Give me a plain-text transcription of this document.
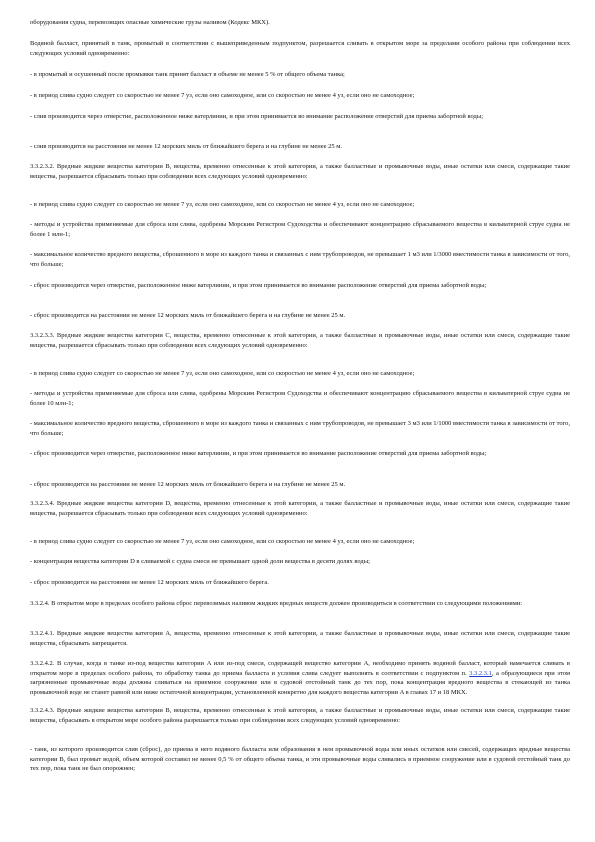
оборудования судна, перевозящих опасные химические грузы наливом (Кодекс МКХ).

Водяной балласт, принятый в танк, промытый в соответствии с вышеприведенным подпунктом, разрешается сливать в открытом море за пределами особого района при соблюдении всех следующих условий одновременно:

- в промытый и осушенный после промывки танк принят балласт в объеме не менее 5 % от общего объема танка;

- в период слива судно следует со скоростью не менее 7 уз, если оно самоходное, или со скоростью не менее 4 уз, если оно не самоходное;

- слив производится через отверстие, расположенное ниже ватерлинии, и при этом принимается во внимание расположение отверстий для приема забортной воды;

- слив производится на расстоянии не менее 12 морских миль от ближайшего берега и на глубине не менее 25 м.

3.3.2.3.2. Вредные жидкие вещества категории B, вещества, временно отнесенные к этой категории, а также балластные и промывочные воды, иные остатки или смеси, содержащие такие вещества, разрешается сбрасывать только при соблюдении всех следующих условий одновременно:

- в период слива судно следует со скоростью не менее 7 уз, если оно самоходное, или со скоростью не менее 4 уз, если оно не самоходное;

- методы и устройства применяемые для сброса или слива, одобрены Морским Регистром Судоходства и обеспечивают концентрацию сбрасываемого вещества в кильватерной струе судна не более 1 млн-1;

- максимальное количество вредного вещества, сброшенного в море из каждого танка и связанных с ним трубопроводов, не превышает 1 м3 или 1/3000 вместимости танка в зависимости от того, что больше;

- сброс производится через отверстие, расположенное ниже ватерлинии, и при этом принимается во внимание расположение отверстий для приема забортной воды;

- сброс производится на расстоянии не менее 12 морских миль от ближайшего берега и на глубине не менее 25 м.

3.3.2.3.3. Вредные жидкие вещества категории C, вещества, временно отнесенные к этой категории, а также балластные и промывочные воды, иные остатки или смеси, содержащие такие вещества, разрешается сбрасывать только при соблюдении всех следующих условий одновременно:

- в период слива судно следует со скоростью не менее 7 уз, если оно самоходное, или со скоростью не менее 4 уз, если оно не самоходное;

- методы и устройства применяемые для сброса или слива, одобрены Морским Регистром Судоходства и обеспечивают концентрацию сбрасываемого вещества в кильватерной струе судна не более 10 млн-1;

- максимальное количество вредного вещества, сброшенного в море из каждого танка и связанных с ним трубопроводов, не превышает 3 м3 или 1/1000 вместимости танка в зависимости от того, что больше;

- сброс производится через отверстие, расположенное ниже ватерлинии, и при этом принимается во внимание расположение отверстий для приема забортной воды;

- сброс производится на расстоянии не менее 12 морских миль от ближайшего берега и на глубине не менее 25 м.

3.3.2.3.4. Вредные жидкие вещества категории D, вещества, временно отнесенные к этой категории, а также балластные и промывочные воды, иные остатки или смеси, содержащие такие вещества, разрешается сбрасывать только при соблюдении всех следующих условий одновременно:

- в период слива судно следует со скоростью не менее 7 уз, если оно самоходное, или со скоростью не менее 4 уз, если оно не самоходное;

- концентрация вещества категории D в сливаемой с судна смеси не превышает одной доли вещества в десяти долях воды;

- сброс производится на расстоянии не менее 12 морских миль от ближайшего берега.

3.3.2.4. В открытом море в пределах особого района сброс перевозимых наливом жидких вредных веществ должен производиться в соответствии со следующими положениями:

3.3.2.4.1. Вредные жидкие вещества категории A, вещества, временно отнесенные к этой категории, а также балластные и промывочные воды, иные остатки или смеси, содержащие такие вещества, сбрасывать запрещается.

3.3.2.4.2. В случае, когда в танке из-под вещества категории A или из-под смеси, содержащей вещество категории A, необходимо принять водяной балласт, который намечается сливать в открытом море в пределах особого района, то обработку танка до приема балласта и условия слива следует выполнять в соответствии с подпунктом п. 3.3.2.3.1, а образующиеся при этом загрязненные промывочные воды должны сливаться на приемное сооружение или в судовой отстойный танк до тех пор, пока концентрация вредного вещества в стекающей из танка промывочной воде не станет равной или ниже остаточной концентрации, установленной конкретно для каждого вещества категории A в главах 17 и 18 МКХ.

3.3.2.4.3. Вредные жидкие вещества категории B, вещества, временно отнесенные к этой категории, а также балластные и промывочные воды, иные остатки или смеси, содержащие такие вещества, сбрасывать в открытом море особого района разрешается только при соблюдении всех следующих условий одновременно:

- танк, из которого производится слив (сброс), до приема в него водяного балласта или образования в нем промывочной воды или иных остатков или смесей, содержащих вредные вещества категории B, был промыт водой, объем которой составил не менее 0,5 % от общего объема танка, и эти промывочные воды сливались в приемное сооружение или в судовой отстойный танк до тех пор, пока танк не был опорожнен;
